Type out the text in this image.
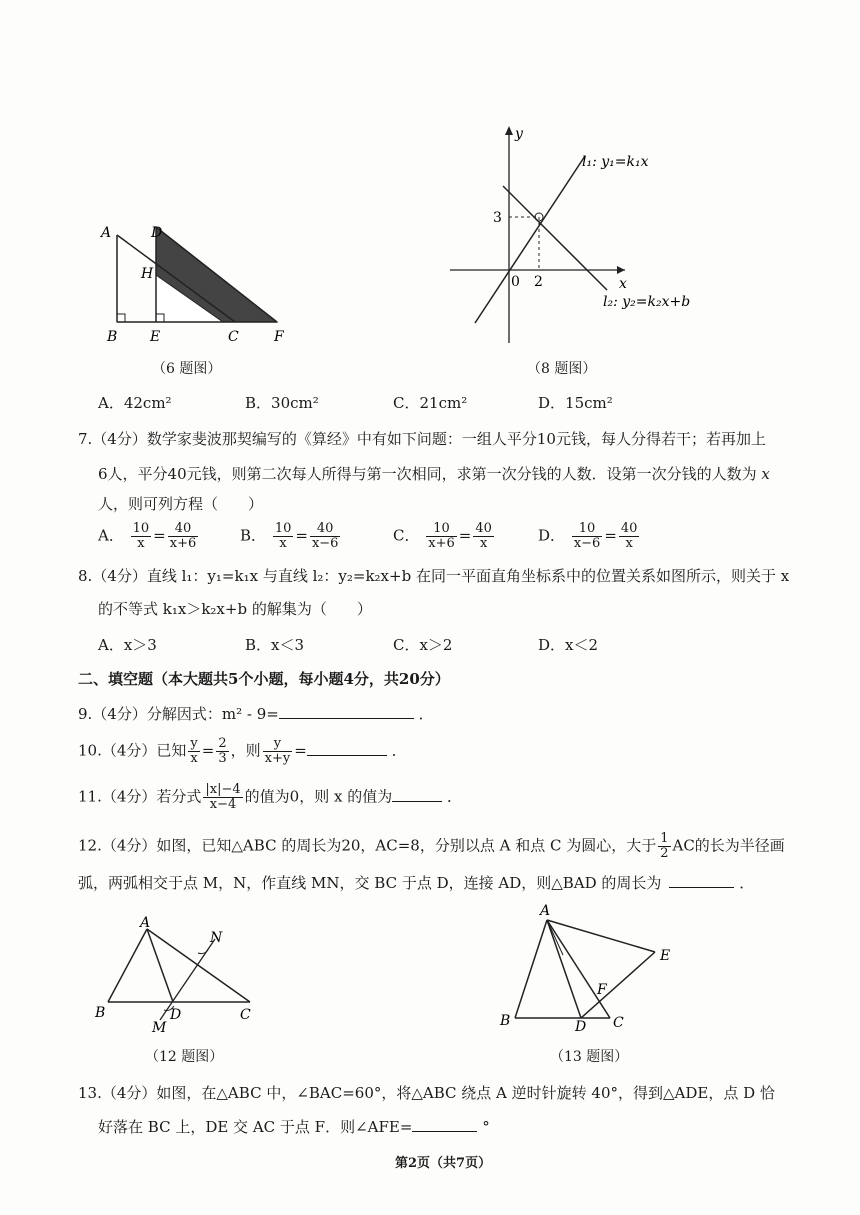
A	D
H
B E	C	F
（6 题图）
y
x
3
2
0
l₁: y₁=k₁x
l₂: y₂=k₂x+b
（8 题图）
A．42cm²	B．30cm²	C．21cm²	D．15cm²
7.（4分）数学家斐波那契编写的《算经》中有如下问题：一组人平分10元钱，每人分得若干；若再加上
6人，平分40元钱，则第二次每人所得与第一次相同，求第一次分钱的人数．设第一次分钱的人数为 x
人，则可列方程（　　）
A． $\frac{10}{x} = \frac{40}{x+6}$	B． $\frac{10}{x} = \frac{40}{x-6}$	C． $\frac{10}{x+6} = \frac{40}{x}$	D． $\frac{10}{x-6} = \frac{40}{x}$
8.（4分）直线 l₁：y₁=k₁x 与直线 l₂：y₂=k₂x+b 在同一平面直角坐标系中的位置关系如图所示，则关于 x
的不等式 k₁x＞k₂x+b 的解集为（　　）
A．x＞3	B．x＜3	C．x＞2	D．x＜2
二、填空题（本大题共5个小题，每小题4分，共20分）
9.（4分）分解因式：m² - 9=	．
10.（4分）已知 $\frac{y}{x} = \frac{2}{3}$ ，则 $\frac{y}{x+y}$ =	．
11.（4分）若分式 $\frac{|x|-4}{x-4}$ 的值为0，则 x 的值为	．
12.（4分）如图，已知△ABC 的周长为20，AC=8，分别以点 A 和点 C 为圆心，大于 $\frac{1}{2}$ AC的长为半径画
弧，两弧相交于点 M，N，作直线 MN，交 BC 于点 D，连接 AD，则△BAD 的周长为	．
A
N
B
M
D	C
（12 题图）
A
E
F
B	D C
（13 题图）
13.（4分）如图，在△ABC 中，∠BAC=60°，将△ABC 绕点 A 逆时针旋转 40°，得到△ADE，点 D 恰
好落在 BC 上，DE 交 AC 于点 F．则∠AFE=	°
第2页（共7页）
